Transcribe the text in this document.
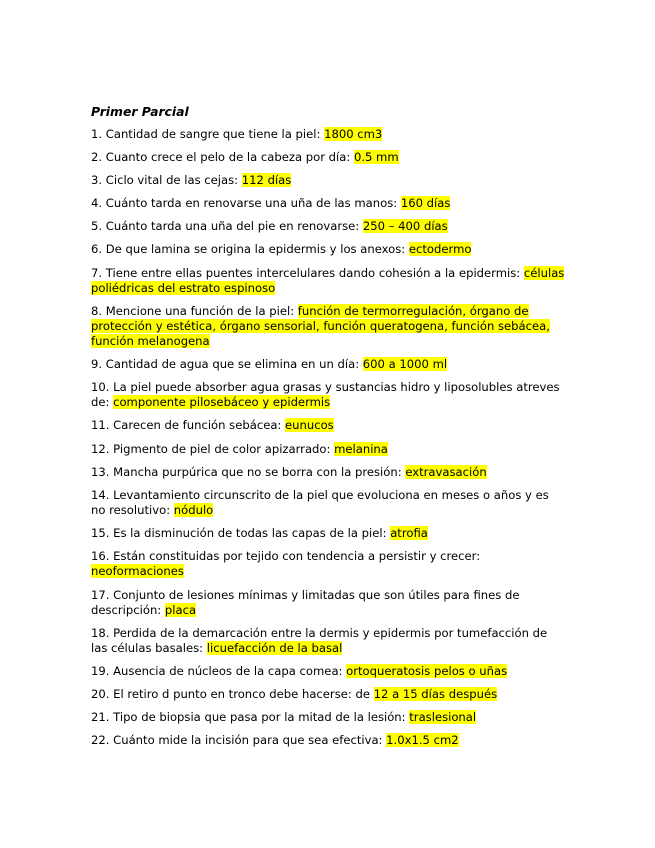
Primer Parcial
1. Cantidad de sangre que tiene la piel: 1800 cm3
2. Cuanto crece el pelo de la cabeza por día: 0.5 mm
3. Ciclo vital de las cejas: 112 días
4. Cuánto tarda en renovarse una uña de las manos: 160 días
5. Cuánto tarda una uña del pie en renovarse: 250 – 400 días
6. De que lamina se origina la epidermis y los anexos: ectodermo
7. Tiene entre ellas puentes intercelulares dando cohesión a la epidermis: células poliédricas del estrato espinoso
8. Mencione una función de la piel: función de termorregulación, órgano de protección y estética, órgano sensorial, función queratogena, función sebácea, función melanogena
9. Cantidad de agua que se elimina en un día: 600 a 1000 ml
10. La piel puede absorber agua grasas y sustancias hidro y liposolubles atreves de: componente pilosebáceo y epidermis
11. Carecen de función sebácea: eunucos
12. Pigmento de piel de color apizarrado: melanina
13. Mancha purpúrica que no se borra con la presión: extravasación
14. Levantamiento circunscrito de la piel que evoluciona en meses o años y es no resolutivo: nódulo
15. Es la disminución de todas las capas de la piel: atrofia
16. Están constituidas por tejido con tendencia a persistir y crecer: neoformaciones
17. Conjunto de lesiones mínimas y limitadas que son útiles para fines de descripción: placa
18. Perdida de la demarcación entre la dermis y epidermis por tumefacción de las células basales: licuefacción de la basal
19. Ausencia de núcleos de la capa comea: ortoqueratosis pelos o uñas
20. El retiro d punto en tronco debe hacerse: de 12 a 15 días después
21. Tipo de biopsia que pasa por la mitad de la lesión: traslesional
22. Cuánto mide la incisión para que sea efectiva: 1.0x1.5 cm2
